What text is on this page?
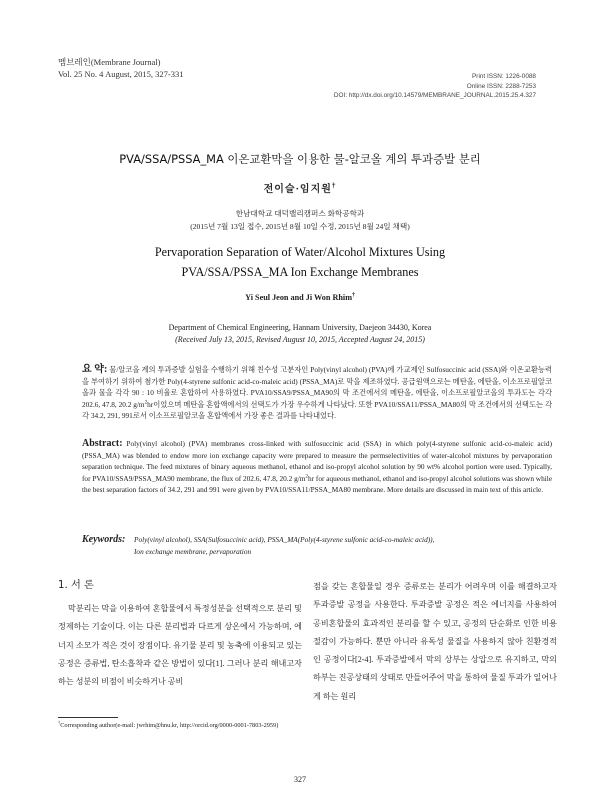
멤브레인(Membrane Journal)
Vol. 25 No. 4 August, 2015, 327-331	Print ISSN: 1226-0088
Online ISSN: 2288-7253
DOI: http://dx.doi.org/10.14579/MEMBRANE_JOURNAL.2015.25.4.327
PVA/SSA/PSSA_MA 이온교환막을 이용한 물-알코올 계의 투과증발 분리
전이슬·임지원†
한남대학교 대덕밸리캠퍼스 화학공학과
(2015년 7월 13일 접수, 2015년 8월 10일 수정, 2015년 8월 24일 채택)
Pervaporation Separation of Water/Alcohol Mixtures Using PVA/SSA/PSSA_MA Ion Exchange Membranes
Yi Seul Jeon and Ji Won Rhim†
Department of Chemical Engineering, Hannam University, Daejeon 34430, Korea
(Received July 13, 2015, Revised August 10, 2015, Accepted August 24, 2015)
요 약: 물/알코올 계의 투과증발 실험을 수행하기 위해 친수성 고분자인 Poly(vinyl alcohol) (PVA)에 가교제인 Sulfosuccinic acid (SSA)와 이온교환능력을 부여하기 위하여 첨가한 Poly(4-styrene sulfonic acid-co-maleic acid) (PSSA_MA)로 막을 제조하였다. 공급원액으로는 메탄올, 에탄올, 이소프로필알코올과 물을 각각 90 : 10 비율로 혼합하여 사용하였다. PVA10/SSA9/PSSA_MA90의 막 조건에서의 메탄올, 에탄올, 이소프로필알코올의 투과도는 각각 202.6, 47.8, 20.2 $g/m^2hr$이었으며 메탄올 혼합액에서의 선택도가 가장 우수하게 나타났다. 또한 PVA10/SSA11/PSSA_MA80의 막 조건에서의 선택도는 각각 34.2, 291, 991로서 이소프로필알코올 혼합액에서 가장 좋은 결과를 나타내었다.
Abstract: Poly(vinyl alcohol) (PVA) membranes cross-linked with sulfosuccinic acid (SSA) in which poly(4-styrene sulfonic acid-co-maleic acid) (PSSA_MA) was blended to endow more ion exchange capacity were prepared to measure the permselectivities of water-alcohol mixtures by pervaporation separation technique. The feed mixtures of binary aqueous methanol, ethanol and iso-propyl alcohol solution by 90 wt% alcohol portion were used. Typically, for PVA10/SSA9/PSSA_MA90 membrane, the flux of 202.6, 47.8, 20.2 $g/m^2hr$ for aqueous methanol, ethanol and iso-propyl alcohol solutions was shown while the best separation factors of 34.2, 291 and 991 were given by PVA10/SSA11/PSSA_MA80 membrane. More details are discussed in main text of this article.
Keywords: Poly(vinyl alcohol), SSA(Sulfosuccinic acid), PSSA_MA(Poly(4-styrene sulfonic acid-co-maleic acid)),
Ion exchange membrane, pervaporation
1. 서 론

막분리는 막을 이용하여 혼합물에서 특정성분을 선택적으로 분리 및 정제하는 기술이다. 이는 다른 분리법과 다르게 상온에서 가능하며, 에너지 소모가 적은 것이 장점이다. 유기물 분리 및 농축에 이용되고 있는 공정은 증류법, 탄소흡착과 같은 방법이 있다[1]. 그러나 분리 해내고자 하는 성분의 비점이 비슷하거나 공비

점을 갖는 혼합물일 경우 증류로는 분리가 어려우며 이를 해결하고자 투과증발 공정을 사용한다. 투과증발 공정은 적은 에너지를 사용하여 공비혼합물의 효과적인 분리를 할 수 있고, 공정의 단순화로 인한 비용절감이 가능하다. 뿐만 아니라 유독성 물질을 사용하지 않아 친환경적인 공정이다[2-4]. 투과증발에서 막의 상부는 상압으로 유지하고, 막의 하부는 진공상태의 상태로 만들어주어 막을 통하여 물질 투과가 일어나게 하는 원리

†Corresponding author(e-mail: jwrhim@hnu.kr, http://orcid.org/0000-0001-7803-2959)
327
